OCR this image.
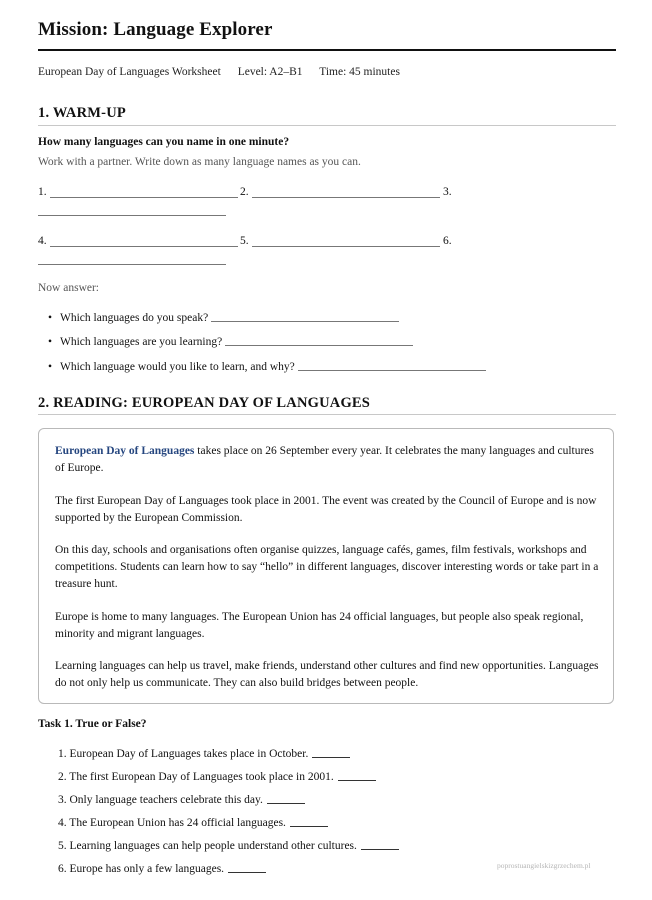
Mission: Language Explorer
European Day of Languages Worksheet Level: A2–B1 Time: 45 minutes
1. WARM-UP
How many languages can you name in one minute?
Work with a partner. Write down as many language names as you can.
1.	2.	3.
4.	5.	6.
Now answer:
• Which languages do you speak?
• Which languages are you learning?
• Which language would you like to learn, and why?
2. READING: EUROPEAN DAY OF LANGUAGES

European Day of Languages takes place on 26 September every year. It celebrates the many languages and cultures of Europe.

The first European Day of Languages took place in 2001. The event was created by the Council of Europe and is now supported by the European Commission.

On this day, schools and organisations often organise quizzes, language cafés, games, film festivals, workshops and competitions. Students can learn how to say “hello” in different languages, discover interesting words or take part in a treasure hunt.

Europe is home to many languages. The European Union has 24 official languages, but people also speak regional, minority and migrant languages.

Learning languages can help us travel, make friends, understand other cultures and find new opportunities. Languages do not only help us communicate. They can also build bridges between people.

Task 1. True or False?
1. European Day of Languages takes place in October.
2. The first European Day of Languages took place in 2001.
3. Only language teachers celebrate this day.
4. The European Union has 24 official languages.
5. Learning languages can help people understand other cultures.
6. Europe has only a few languages.	poprostuangielskizgrzechem.pl
